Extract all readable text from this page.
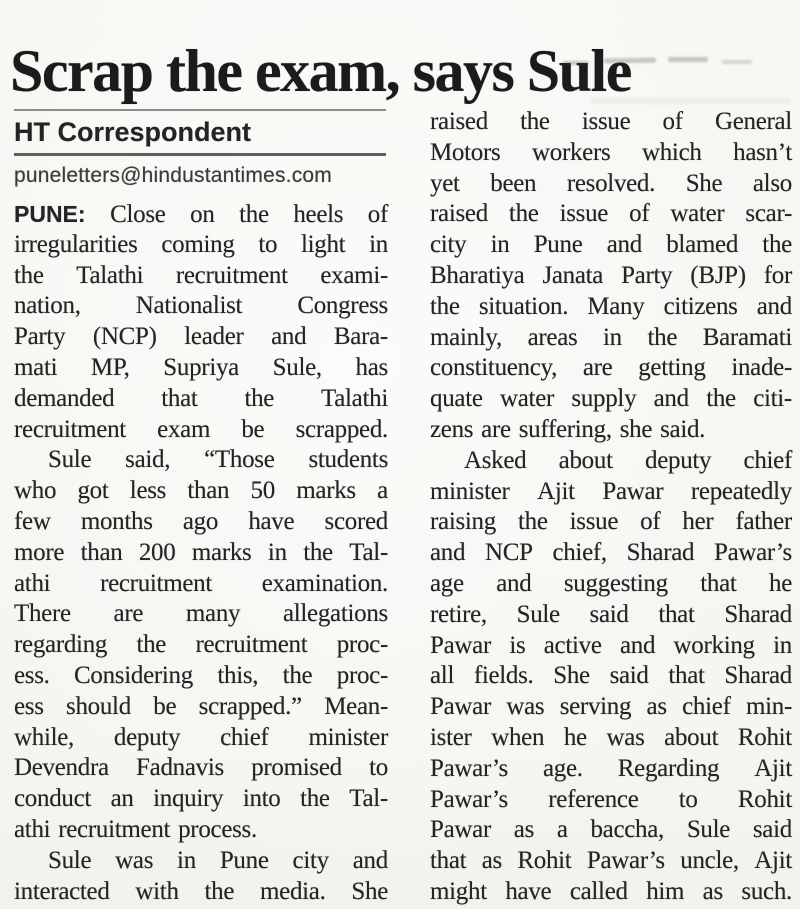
Scrap the exam, says Sule
HT Correspondent
puneletters@hindustantimes.com
PUNE: Close on the heels of
irregularities coming to light in
the Talathi recruitment exami-
nation, Nationalist Congress
Party (NCP) leader and Bara-
mati MP, Supriya Sule, has
demanded that the Talathi
recruitment exam be scrapped.
Sule said, “Those students
who got less than 50 marks a
few months ago have scored
more than 200 marks in the Tal-
athi recruitment examination.
There are many allegations
regarding the recruitment proc-
ess. Considering this, the proc-
ess should be scrapped.” Mean-
while, deputy chief minister
Devendra Fadnavis promised to
conduct an inquiry into the Tal-
athi recruitment process.
Sule was in Pune city and
interacted with the media. She
raised the issue of General
Motors workers which hasn’t
yet been resolved. She also
raised the issue of water scar-
city in Pune and blamed the
Bharatiya Janata Party (BJP) for
the situation. Many citizens and
mainly, areas in the Baramati
constituency, are getting inade-
quate water supply and the citi-
zens are suffering, she said.
Asked about deputy chief
minister Ajit Pawar repeatedly
raising the issue of her father
and NCP chief, Sharad Pawar’s
age and suggesting that he
retire, Sule said that Sharad
Pawar is active and working in
all fields. She said that Sharad
Pawar was serving as chief min-
ister when he was about Rohit
Pawar’s age. Regarding Ajit
Pawar’s reference to Rohit
Pawar as a baccha, Sule said
that as Rohit Pawar’s uncle, Ajit
might have called him as such.
